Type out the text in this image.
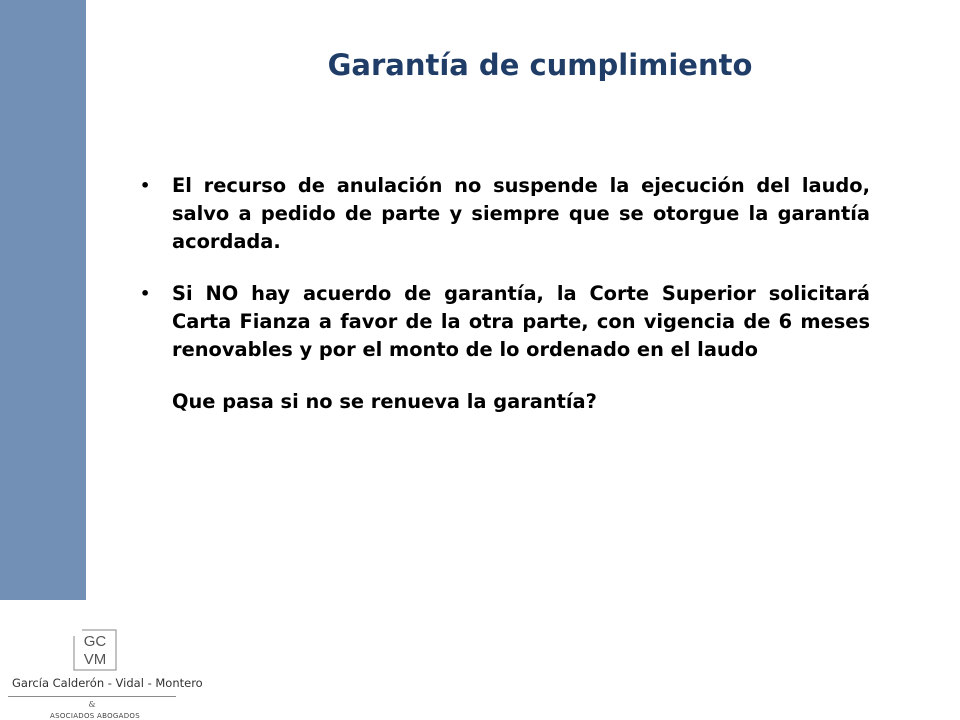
Garantía de cumplimiento
•	El recurso de anulación no suspende la ejecución del laudo, salvo a pedido de parte y siempre que se otorgue la garantía acordada.
•	Si NO hay acuerdo de garantía, la Corte Superior solicitará Carta Fianza a favor de la otra parte, con vigencia de 6 meses renovables y por el monto de lo ordenado en el laudo
Que pasa si no se renueva la garantía?
GC
VM
García Calderón - Vidal - Montero
&
ASOCIADOS ABOGADOS
